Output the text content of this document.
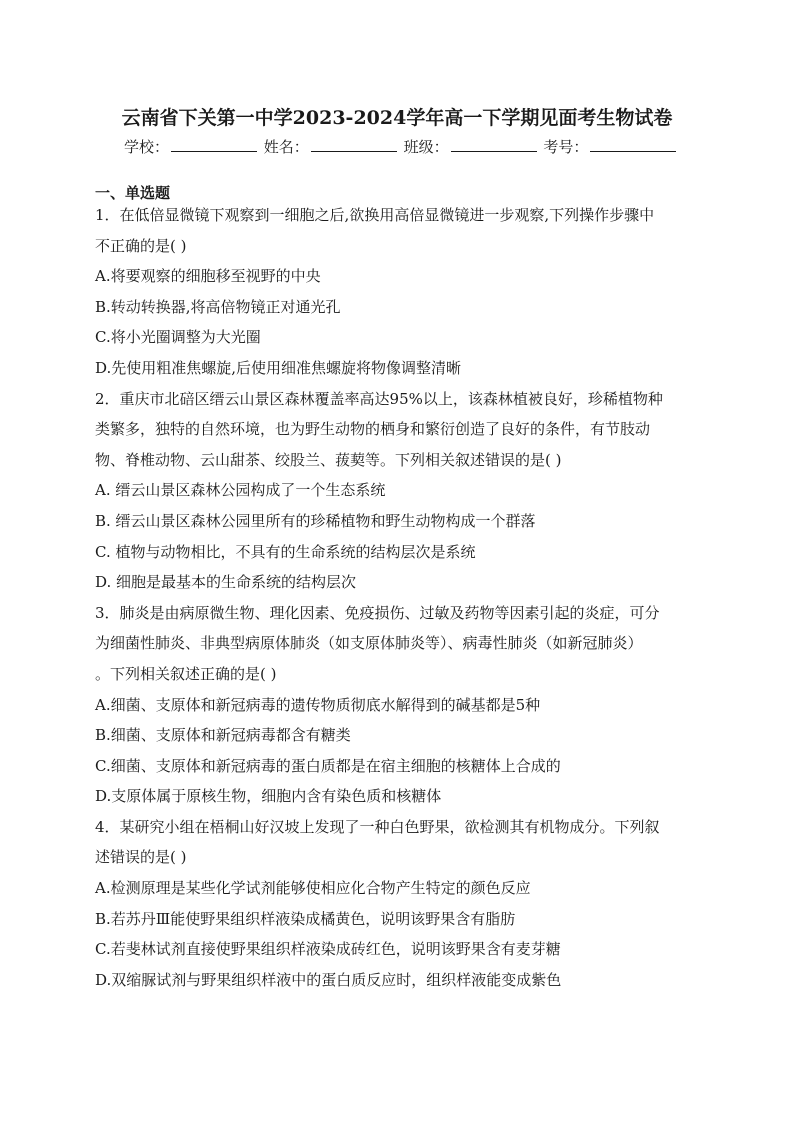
云南省下关第一中学2023-2024学年高一下学期见面考生物试卷
学校：	姓名：	班级：	考号：
一、单选题
1．在低倍显微镜下观察到一细胞之后,欲换用高倍显微镜进一步观察,下列操作步骤中
不正确的是( )
A.将要观察的细胞移至视野的中央
B.转动转换器,将高倍物镜正对通光孔
C.将小光圈调整为大光圈
D.先使用粗准焦螺旋,后使用细准焦螺旋将物像调整清晰
2．重庆市北碚区缙云山景区森林覆盖率高达95%以上，该森林植被良好，珍稀植物种
类繁多，独特的自然环境，也为野生动物的栖身和繁衍创造了良好的条件，有节肢动
物、脊椎动物、云山甜茶、绞股兰、菝葜等。下列相关叙述错误的是( )
A. 缙云山景区森林公园构成了一个生态系统
B. 缙云山景区森林公园里所有的珍稀植物和野生动物构成一个群落
C. 植物与动物相比，不具有的生命系统的结构层次是系统
D. 细胞是最基本的生命系统的结构层次
3．肺炎是由病原微生物、理化因素、免疫损伤、过敏及药物等因素引起的炎症，可分
为细菌性肺炎、非典型病原体肺炎（如支原体肺炎等）、病毒性肺炎（如新冠肺炎）
。下列相关叙述正确的是( )
A.细菌、支原体和新冠病毒的遗传物质彻底水解得到的碱基都是5种
B.细菌、支原体和新冠病毒都含有糖类
C.细菌、支原体和新冠病毒的蛋白质都是在宿主细胞的核糖体上合成的
D.支原体属于原核生物，细胞内含有染色质和核糖体
4．某研究小组在梧桐山好汉坡上发现了一种白色野果，欲检测其有机物成分。下列叙
述错误的是( )
A.检测原理是某些化学试剂能够使相应化合物产生特定的颜色反应
B.若苏丹Ⅲ能使野果组织样液染成橘黄色，说明该野果含有脂肪
C.若斐林试剂直接使野果组织样液染成砖红色，说明该野果含有麦芽糖
D.双缩脲试剂与野果组织样液中的蛋白质反应时，组织样液能变成紫色
